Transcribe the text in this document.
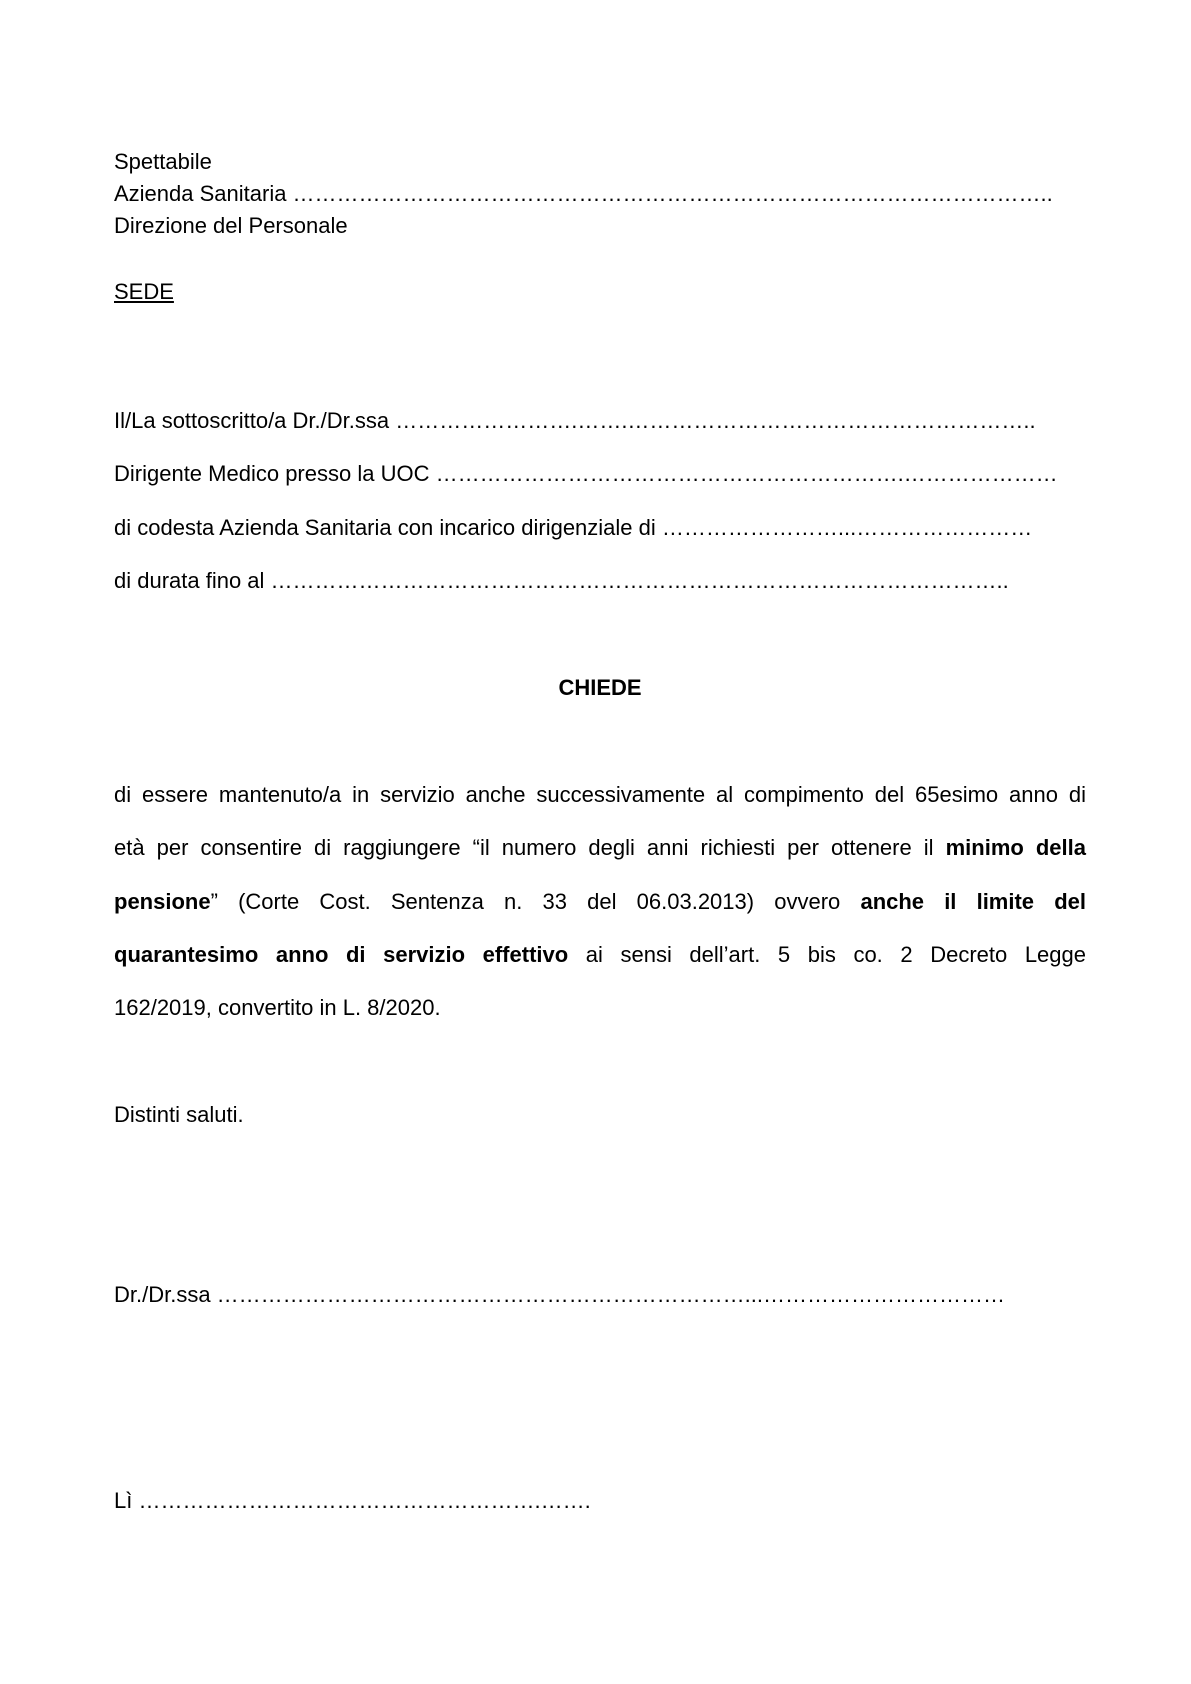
Spettabile

Azienda Sanitaria …………………………………………………………………………………………..

Direzione del Personale

SEDE

Il/La sottoscritto/a Dr./Dr.ssa …………………….…….………………………………………………..

Dirigente Medico presso la UOC ……………………………………………………….…………………

di codesta Azienda Sanitaria con incarico dirigenziale di ……………………...……………………

di durata fino al ………………………………………………………………………………………..

CHIEDE

di essere mantenuto/a in servizio anche successivamente al compimento del 65esimo anno di

età per consentire di raggiungere “il numero degli anni richiesti per ottenere il minimo della

pensione” (Corte Cost. Sentenza n. 33 del 06.03.2013) ovvero anche il limite del

quarantesimo anno di servizio effettivo ai sensi dell’art. 5 bis co. 2 Decreto Legge

162/2019, convertito in L. 8/2020.

Distinti saluti.

Dr./Dr.ssa ………………………………………………………………...……………………………

Lì ……………………………………………….…….
